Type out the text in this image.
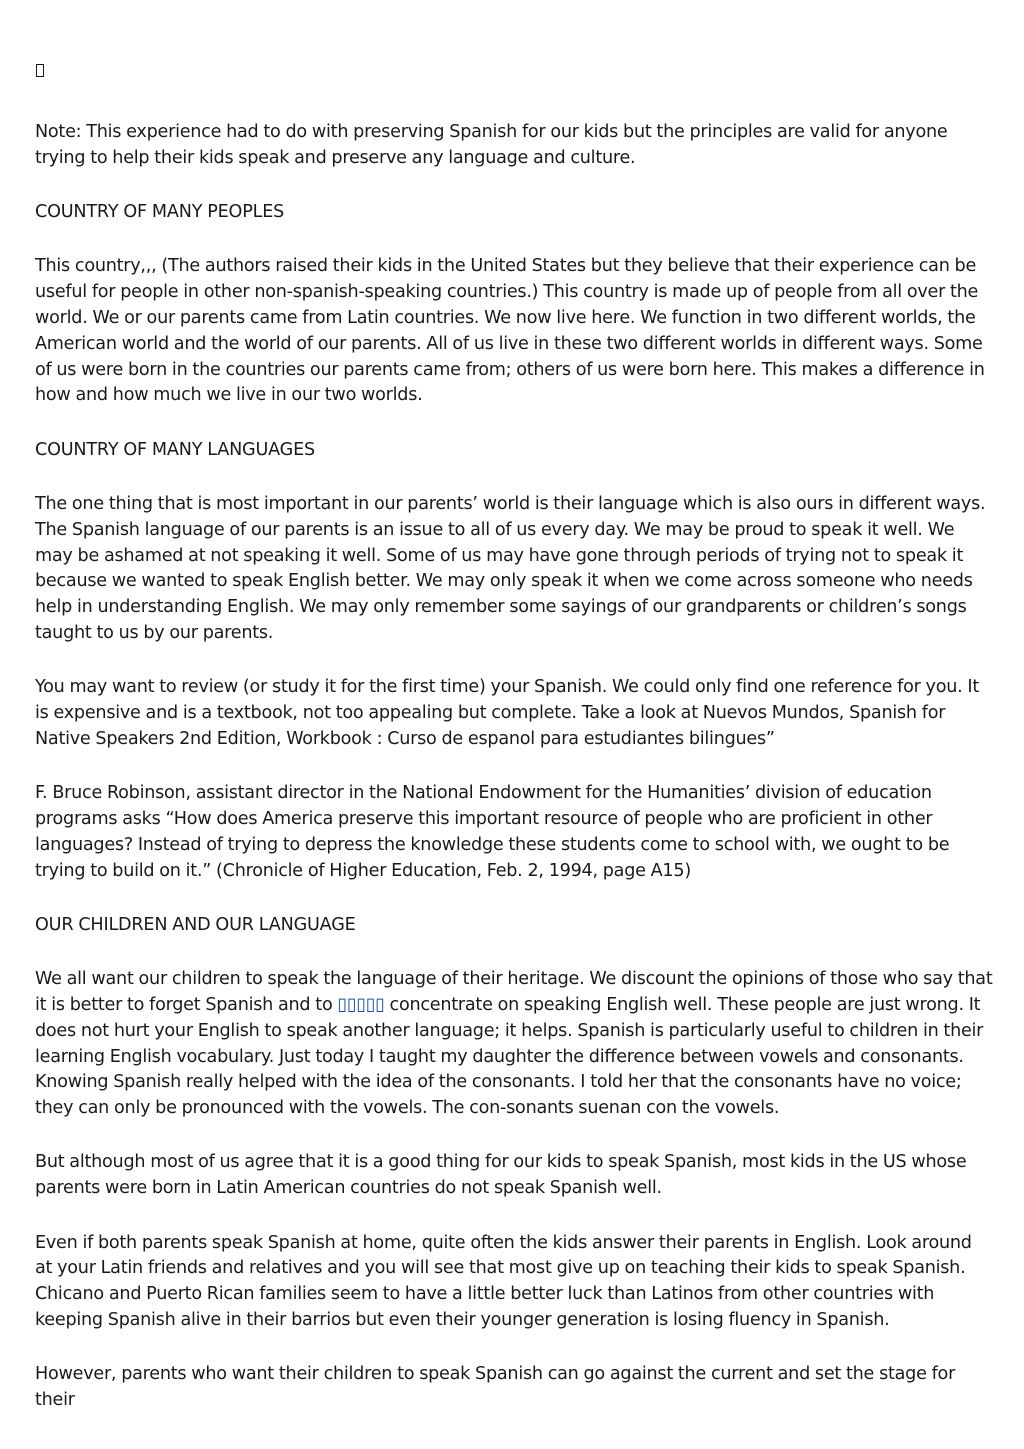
Note: This experience had to do with preserving Spanish for our kids but the principles are valid for anyone trying to help their kids speak and preserve any language and culture.

COUNTRY OF MANY PEOPLES

This country,,, (The authors raised their kids in the United States but they believe that their experience can be useful for people in other non-spanish-speaking countries.) This country is made up of people from all over the world. We or our parents came from Latin countries. We now live here. We function in two different worlds, the American world and the world of our parents. All of us live in these two different worlds in different ways. Some of us were born in the countries our parents came from; others of us were born here. This makes a difference in how and how much we live in our two worlds.

COUNTRY OF MANY LANGUAGES

The one thing that is most important in our parents’ world is their language which is also ours in different ways. The Spanish language of our parents is an issue to all of us every day. We may be proud to speak it well. We may be ashamed at not speaking it well. Some of us may have gone through periods of trying not to speak it because we wanted to speak English better. We may only speak it when we come across someone who needs help in understanding English. We may only remember some sayings of our grandparents or children’s songs taught to us by our parents.

You may want to review (or study it for the first time) your Spanish. We could only find one reference for you. It is expensive and is a textbook, not too appealing but complete. Take a look at Nuevos Mundos, Spanish for Native Speakers 2nd Edition, Workbook : Curso de espanol para estudiantes bilingues”

F. Bruce Robinson, assistant director in the National Endowment for the Humanities’ division of education programs asks “How does America preserve this important resource of people who are proficient in other languages? Instead of trying to depress the knowledge these students come to school with, we ought to be trying to build on it.” (Chronicle of Higher Education, Feb. 2, 1994, page A15)

OUR CHILDREN AND OUR LANGUAGE

We all want our children to speak the language of their heritage. We discount the opinions of those who say that it is better to forget Spanish and to ▯▯▯▯▯ concentrate on speaking English well. These people are just wrong. It does not hurt your English to speak another language; it helps. Spanish is particularly useful to children in their learning English vocabulary. Just today I taught my daughter the difference between vowels and consonants. Knowing Spanish really helped with the idea of the consonants. I told her that the consonants have no voice; they can only be pronounced with the vowels. The con-sonants suenan con the vowels.

But although most of us agree that it is a good thing for our kids to speak Spanish, most kids in the US whose parents were born in Latin American countries do not speak Spanish well.

Even if both parents speak Spanish at home, quite often the kids answer their parents in English. Look around at your Latin friends and relatives and you will see that most give up on teaching their kids to speak Spanish. Chicano and Puerto Rican families seem to have a little better luck than Latinos from other countries with keeping Spanish alive in their barrios but even their younger generation is losing fluency in Spanish.

However, parents who want their children to speak Spanish can go against the current and set the stage for their
